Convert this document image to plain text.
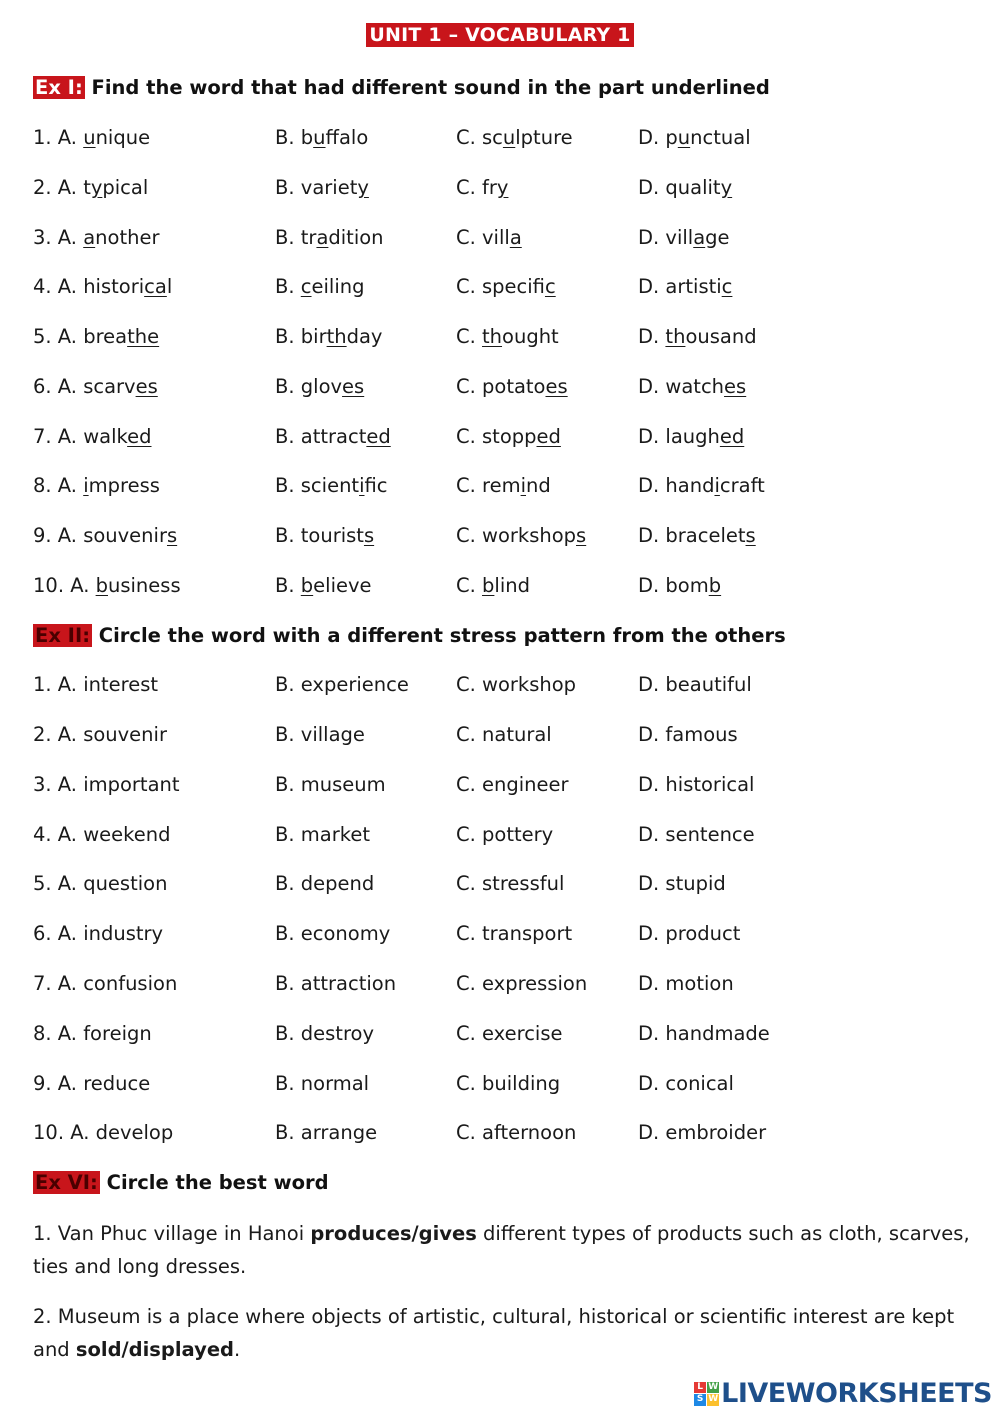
UNIT 1 – VOCABULARY 1
Ex I: Find the word that had different sound in the part underlined
1. A. unique	B. buffalo	C. sculpture	D. punctual
2. A. typical	B. variety	C. fry	D. quality
3. A. another	B. tradition	C. villa	D. village
4. A. historical	B. ceiling	C. specific	D. artistic
5. A. breathe	B. birthday	C. thought	D. thousand
6. A. scarves	B. gloves	C. potatoes	D. watches
7. A. walked	B. attracted	C. stopped	D. laughed
8. A. impress	B. scientific	C. remind	D. handicraft
9. A. souvenirs	B. tourists	C. workshops	D. bracelets
10. A. business	B. believe	C. blind	D. bomb
Ex II: Circle the word with a different stress pattern from the others
1. A. interest	B. experience C. workshop	D. beautiful
2. A. souvenir	B. village	C. natural	D. famous
3. A. important	B. museum	C. engineer	D. historical
4. A. weekend	B. market	C. pottery	D. sentence
5. A. question	B. depend	C. stressful	D. stupid
6. A. industry	B. economy	C. transport	D. product
7. A. confusion	B. attraction	C. expression	D. motion
8. A. foreign	B. destroy	C. exercise	D. handmade
9. A. reduce	B. normal	C. building	D. conical
10. A. develop	B. arrange	C. afternoon	D. embroider
Ex VI: Circle the best word
1. Van Phuc village in Hanoi produces/gives different types of products such as cloth, scarves, ties and long dresses.
2. Museum is a place where objects of artistic, cultural, historical or scientific interest are kept and sold/displayed.
L W
S W LIVEWORKSHEETS
